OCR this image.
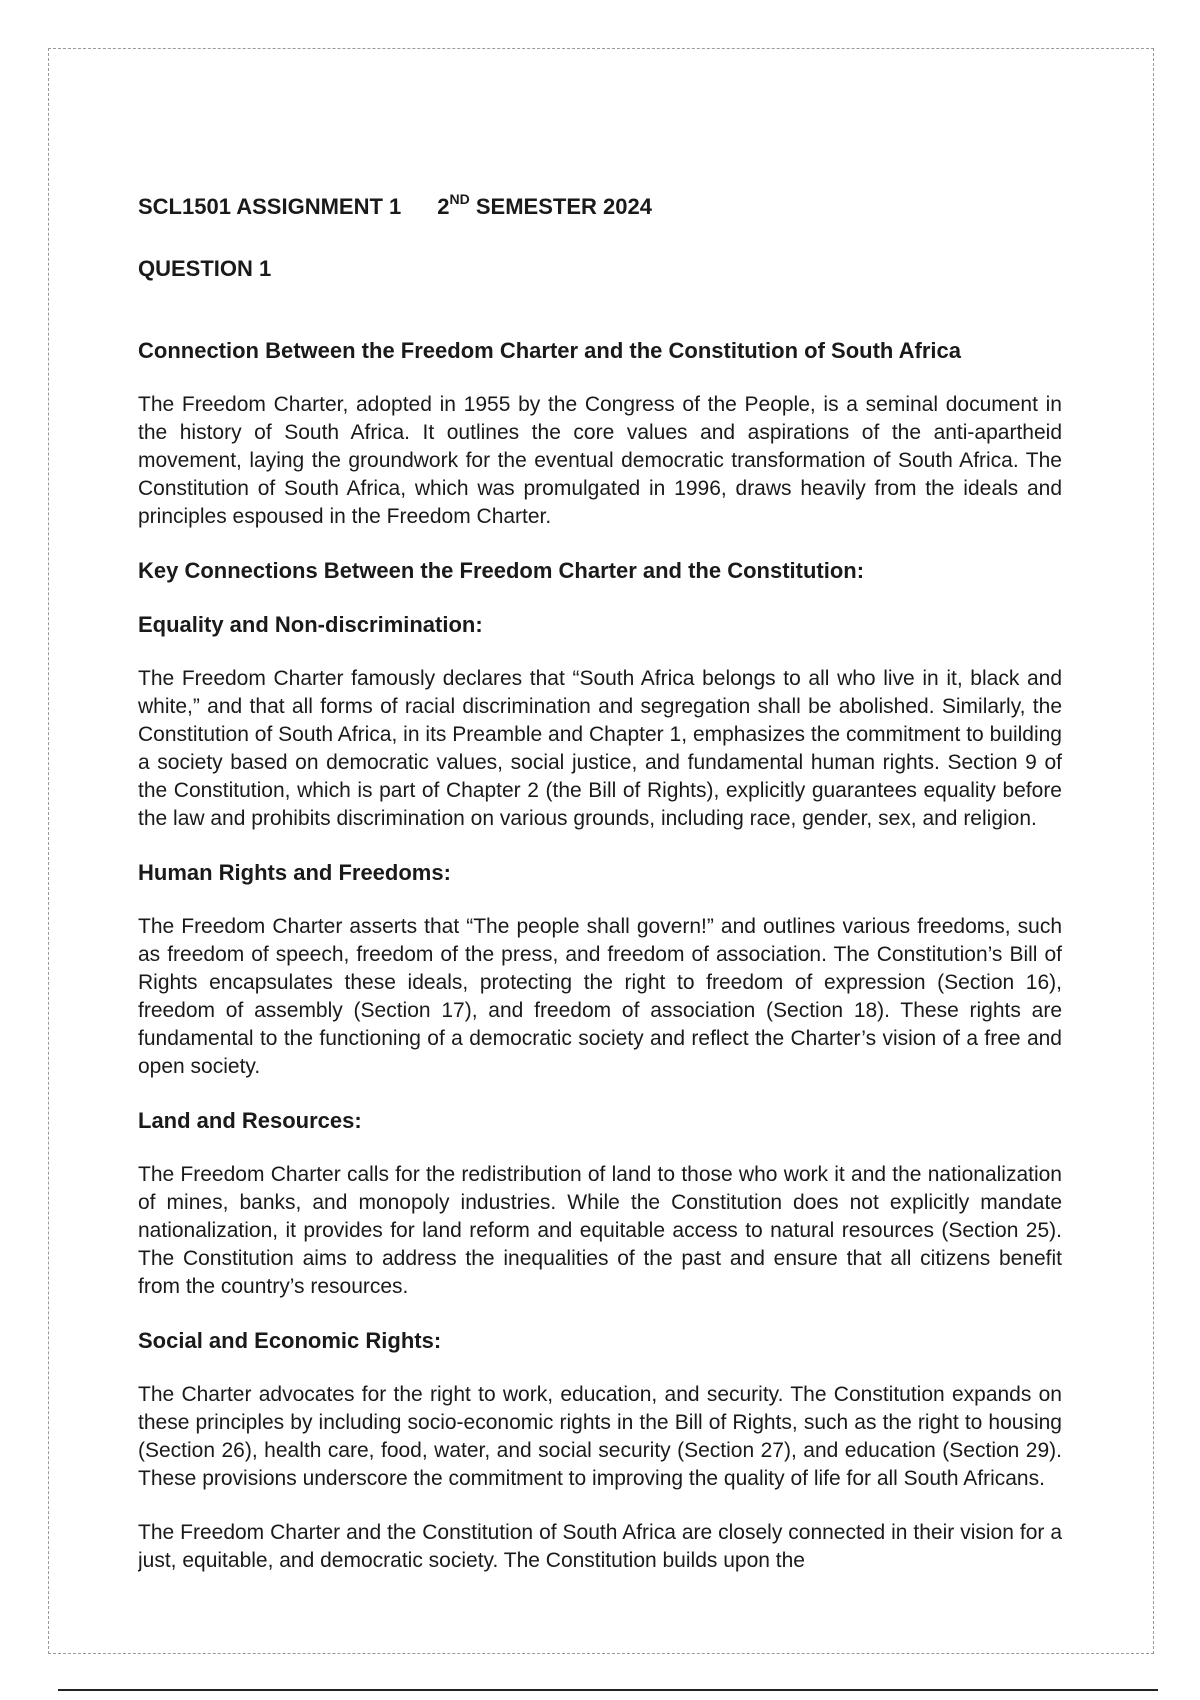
SCL1501 ASSIGNMENT 1 2ND SEMESTER 2024

QUESTION 1

Connection Between the Freedom Charter and the Constitution of South Africa

The Freedom Charter, adopted in 1955 by the Congress of the People, is a seminal document in the history of South Africa. It outlines the core values and aspirations of the anti-apartheid movement, laying the groundwork for the eventual democratic transformation of South Africa. The Constitution of South Africa, which was promulgated in 1996, draws heavily from the ideals and principles espoused in the Freedom Charter.

Key Connections Between the Freedom Charter and the Constitution:

Equality and Non-discrimination:

The Freedom Charter famously declares that “South Africa belongs to all who live in it, black and white,” and that all forms of racial discrimination and segregation shall be abolished. Similarly, the Constitution of South Africa, in its Preamble and Chapter 1, emphasizes the commitment to building a society based on democratic values, social justice, and fundamental human rights. Section 9 of the Constitution, which is part of Chapter 2 (the Bill of Rights), explicitly guarantees equality before the law and prohibits discrimination on various grounds, including race, gender, sex, and religion.

Human Rights and Freedoms:

The Freedom Charter asserts that “The people shall govern!” and outlines various freedoms, such as freedom of speech, freedom of the press, and freedom of association. The Constitution’s Bill of Rights encapsulates these ideals, protecting the right to freedom of expression (Section 16), freedom of assembly (Section 17), and freedom of association (Section 18). These rights are fundamental to the functioning of a democratic society and reflect the Charter’s vision of a free and open society.

Land and Resources:

The Freedom Charter calls for the redistribution of land to those who work it and the nationalization of mines, banks, and monopoly industries. While the Constitution does not explicitly mandate nationalization, it provides for land reform and equitable access to natural resources (Section 25). The Constitution aims to address the inequalities of the past and ensure that all citizens benefit from the country’s resources.

Social and Economic Rights:

The Charter advocates for the right to work, education, and security. The Constitution expands on these principles by including socio-economic rights in the Bill of Rights, such as the right to housing (Section 26), health care, food, water, and social security (Section 27), and education (Section 29). These provisions underscore the commitment to improving the quality of life for all South Africans.

The Freedom Charter and the Constitution of South Africa are closely connected in their vision for a just, equitable, and democratic society. The Constitution builds upon the
